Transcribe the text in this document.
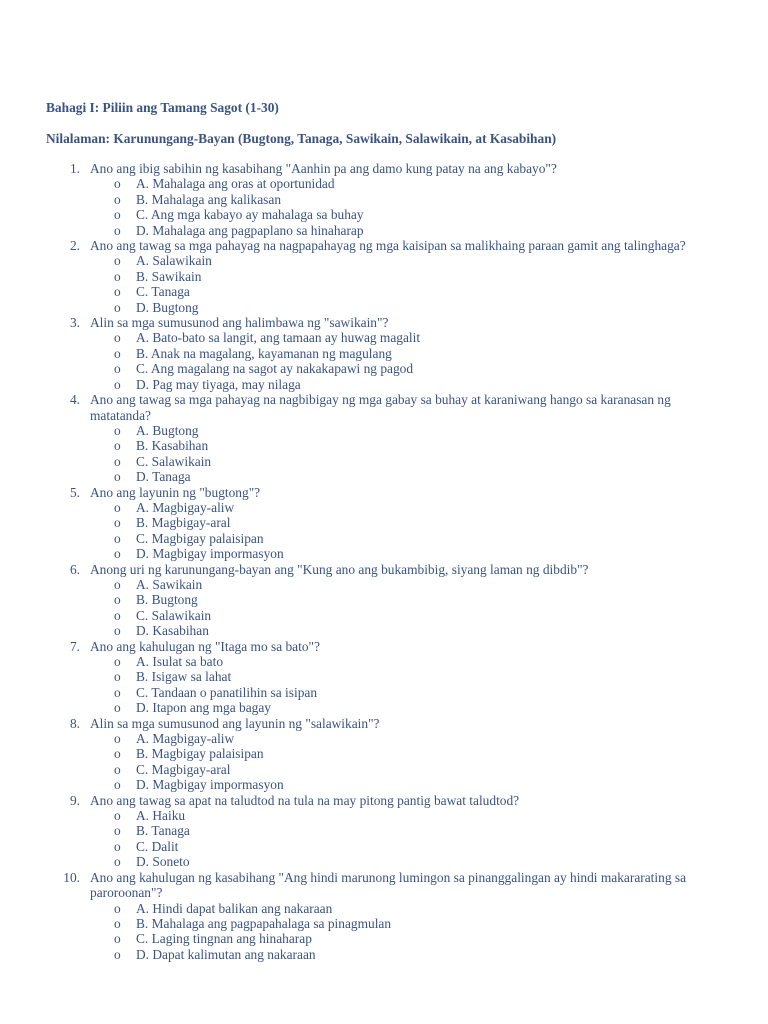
Bahagi I: Piliin ang Tamang Sagot (1-30)
Nilalaman: Karunungang-Bayan (Bugtong, Tanaga, Sawikain, Salawikain, at Kasabihan)
1. Ano ang ibig sabihin ng kasabihang "Aanhin pa ang damo kung patay na ang kabayo"?
o A. Mahalaga ang oras at oportunidad
o B. Mahalaga ang kalikasan
o C. Ang mga kabayo ay mahalaga sa buhay
o D. Mahalaga ang pagpaplano sa hinaharap
2. Ano ang tawag sa mga pahayag na nagpapahayag ng mga kaisipan sa malikhaing paraan gamit ang talinghaga?
o A. Salawikain
o B. Sawikain
o C. Tanaga
o D. Bugtong
3. Alin sa mga sumusunod ang halimbawa ng "sawikain"?
o A. Bato-bato sa langit, ang tamaan ay huwag magalit
o B. Anak na magalang, kayamanan ng magulang
o C. Ang magalang na sagot ay nakakapawi ng pagod
o D. Pag may tiyaga, may nilaga
4. Ano ang tawag sa mga pahayag na nagbibigay ng mga gabay sa buhay at karaniwang hango sa karanasan ng matatanda?
o A. Bugtong
o B. Kasabihan
o C. Salawikain
o D. Tanaga
5. Ano ang layunin ng "bugtong"?
o A. Magbigay-aliw
o B. Magbigay-aral
o C. Magbigay palaisipan
o D. Magbigay impormasyon
6. Anong uri ng karunungang-bayan ang "Kung ano ang bukambibig, siyang laman ng dibdib"?
o A. Sawikain
o B. Bugtong
o C. Salawikain
o D. Kasabihan
7. Ano ang kahulugan ng "Itaga mo sa bato"?
o A. Isulat sa bato
o B. Isigaw sa lahat
o C. Tandaan o panatilihin sa isipan
o D. Itapon ang mga bagay
8. Alin sa mga sumusunod ang layunin ng "salawikain"?
o A. Magbigay-aliw
o B. Magbigay palaisipan
o C. Magbigay-aral
o D. Magbigay impormasyon
9. Ano ang tawag sa apat na taludtod na tula na may pitong pantig bawat taludtod?
o A. Haiku
o B. Tanaga
o C. Dalit
o D. Soneto
10. Ano ang kahulugan ng kasabihang "Ang hindi marunong lumingon sa pinanggalingan ay hindi makararating sa paroroonan"?
o A. Hindi dapat balikan ang nakaraan
o B. Mahalaga ang pagpapahalaga sa pinagmulan
o C. Laging tingnan ang hinaharap
o D. Dapat kalimutan ang nakaraan
